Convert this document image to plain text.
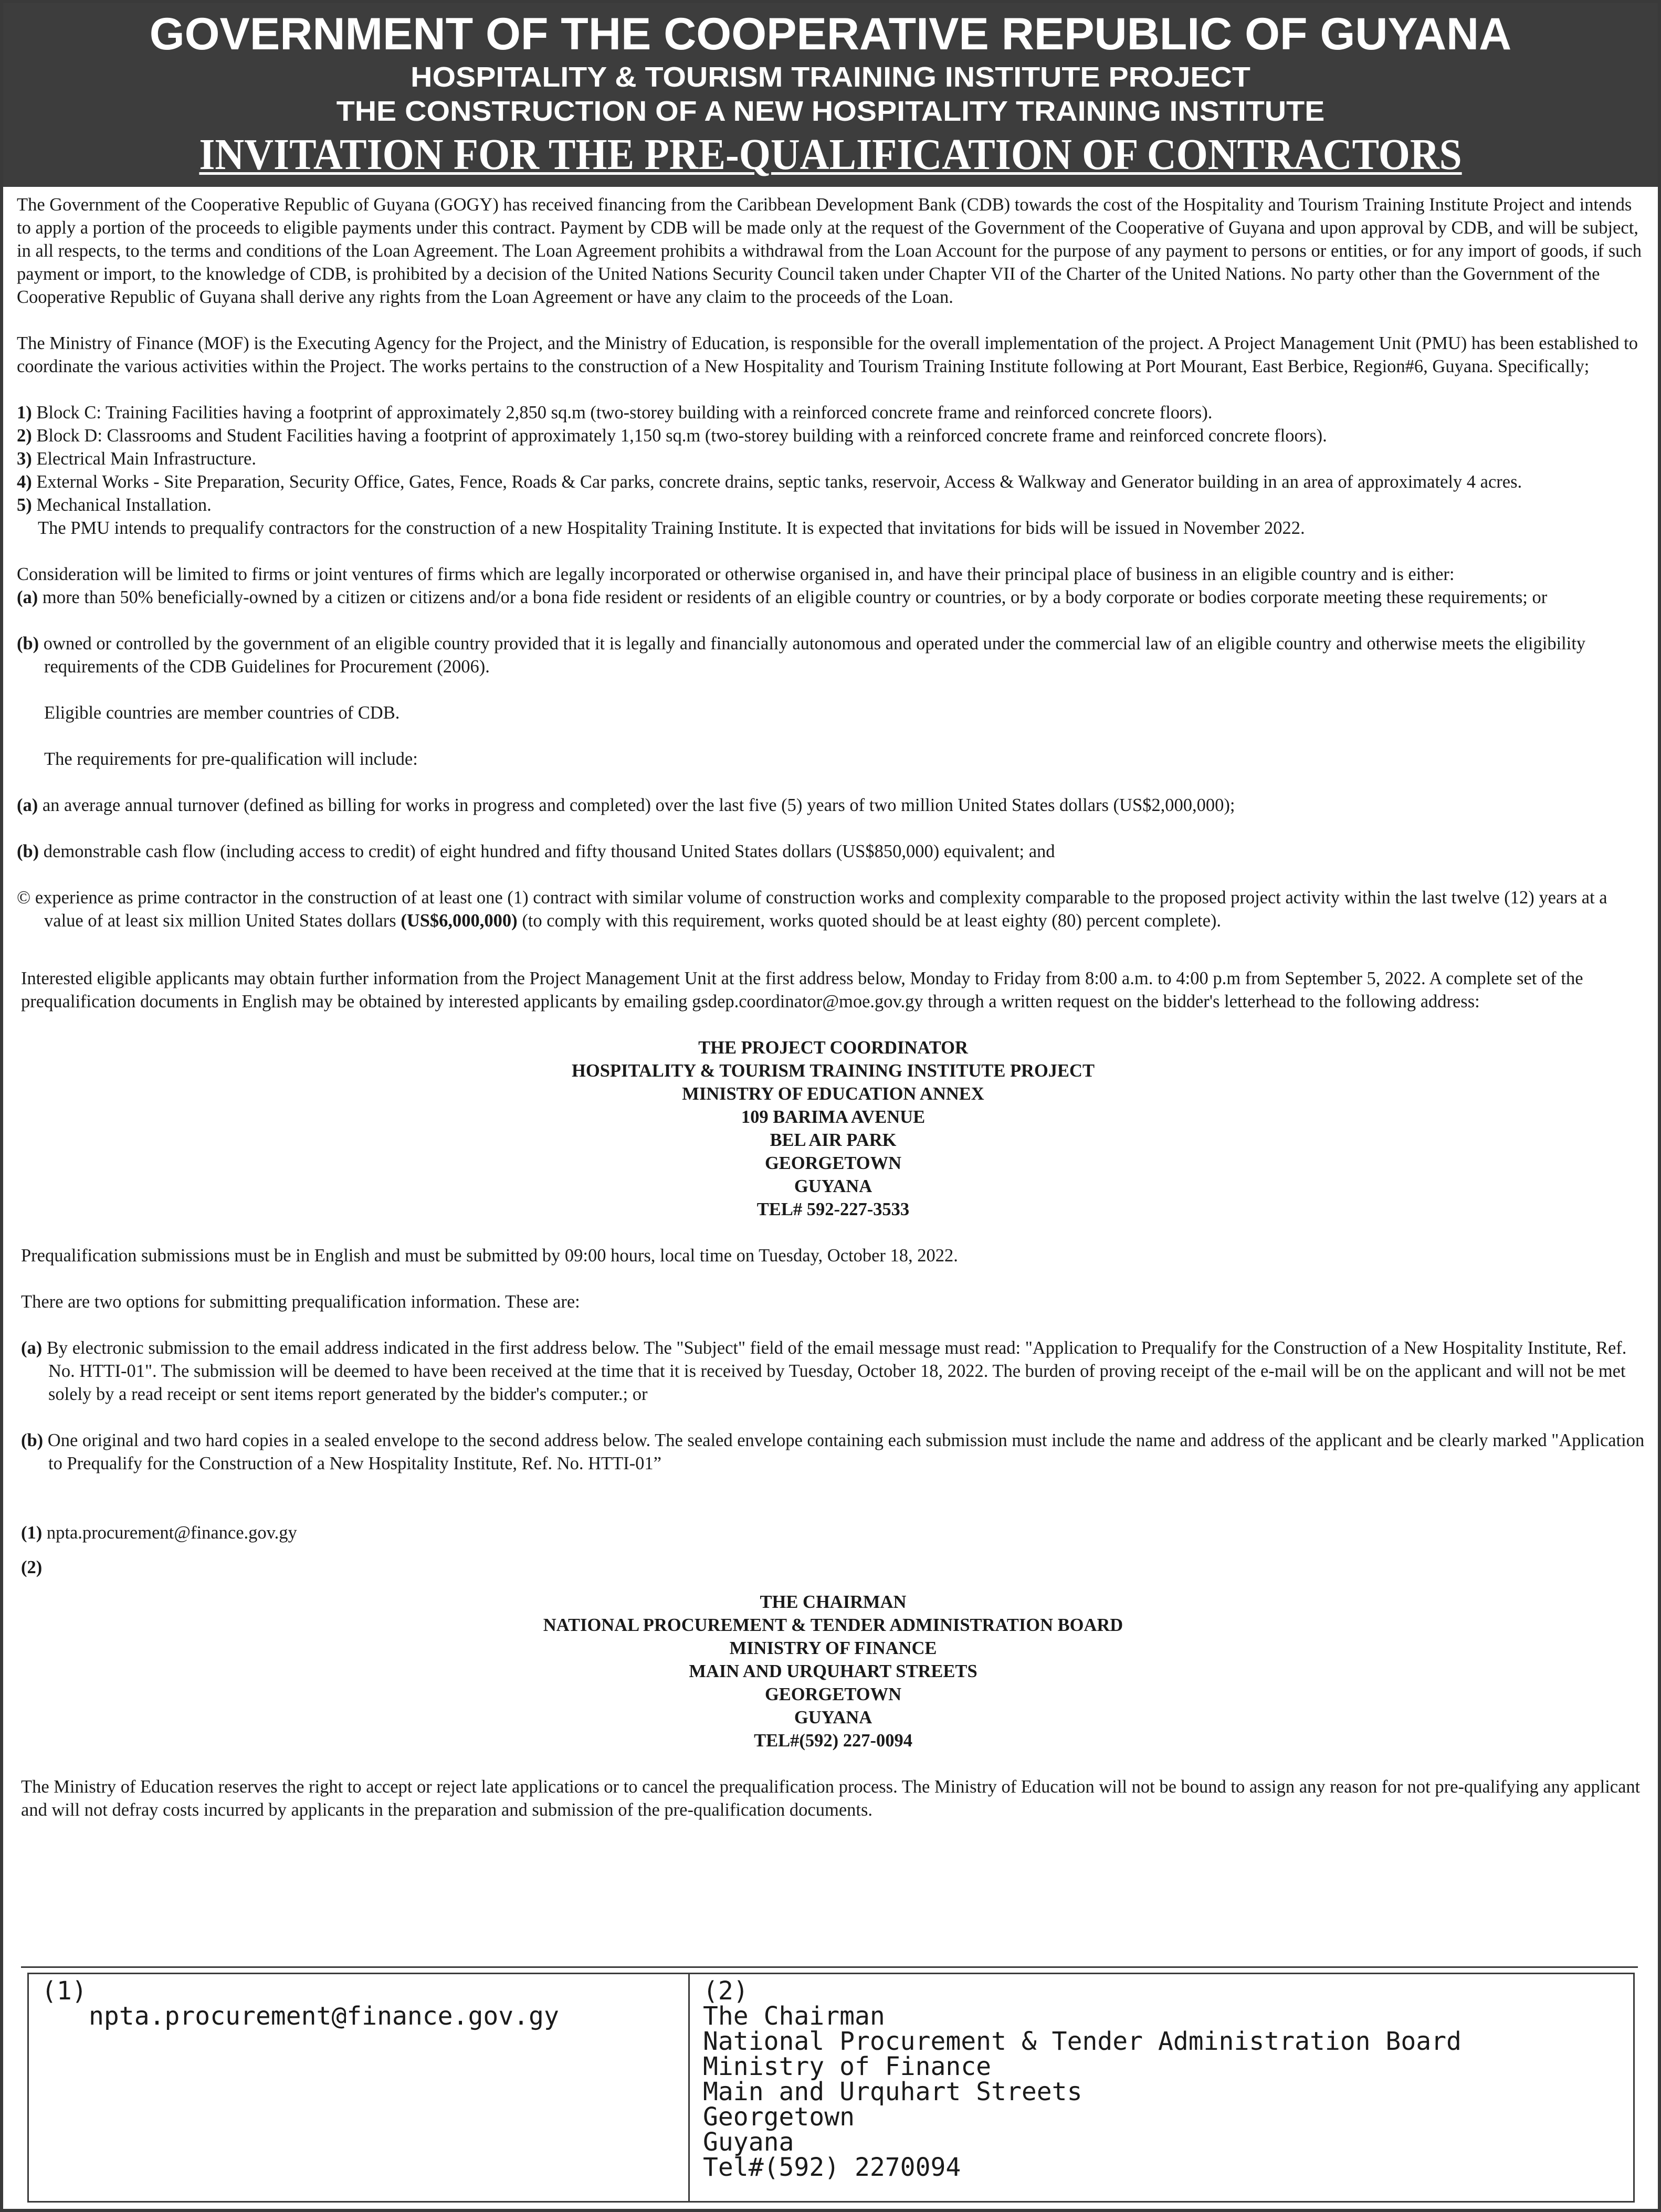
GOVERNMENT OF THE COOPERATIVE REPUBLIC OF GUYANA
HOSPITALITY & TOURISM TRAINING INSTITUTE PROJECT
THE CONSTRUCTION OF A NEW HOSPITALITY TRAINING INSTITUTE
INVITATION FOR THE PRE-QUALIFICATION OF CONTRACTORS

The Government of the Cooperative Republic of Guyana (GOGY) has received financing from the Caribbean Development Bank (CDB) towards the cost of the Hospitality and Tourism Training Institute Project and intends to apply a portion of the proceeds to eligible payments under this contract. Payment by CDB will be made only at the request of the Government of the Cooperative of Guyana and upon approval by CDB, and will be subject, in all respects, to the terms and conditions of the Loan Agreement. The Loan Agreement prohibits a withdrawal from the Loan Account for the purpose of any payment to persons or entities, or for any import of goods, if such payment or import, to the knowledge of CDB, is prohibited by a decision of the United Nations Security Council taken under Chapter VII of the Charter of the United Nations. No party other than the Government of the Cooperative Republic of Guyana shall derive any rights from the Loan Agreement or have any claim to the proceeds of the Loan.

The Ministry of Finance (MOF) is the Executing Agency for the Project, and the Ministry of Education, is responsible for the overall implementation of the project. A Project Management Unit (PMU) has been established to coordinate the various activities within the Project. The works pertains to the construction of a New Hospitality and Tourism Training Institute following at Port Mourant, East Berbice, Region#6, Guyana. Specifically;

1) Block C: Training Facilities having a footprint of approximately 2,850 sq.m (two-storey building with a reinforced concrete frame and reinforced concrete floors).

2) Block D: Classrooms and Student Facilities having a footprint of approximately 1,150 sq.m (two-storey building with a reinforced concrete frame and reinforced concrete floors).

3) Electrical Main Infrastructure.

4) External Works - Site Preparation, Security Office, Gates, Fence, Roads & Car parks, concrete drains, septic tanks, reservoir, Access & Walkway and Generator building in an area of approximately 4 acres.

5) Mechanical Installation.

The PMU intends to prequalify contractors for the construction of a new Hospitality Training Institute. It is expected that invitations for bids will be issued in November 2022.

Consideration will be limited to firms or joint ventures of firms which are legally incorporated or otherwise organised in, and have their principal place of business in an eligible country and is either:

(a) more than 50% beneficially-owned by a citizen or citizens and/or a bona fide resident or residents of an eligible country or countries, or by a body corporate or bodies corporate meeting these requirements; or

(b) owned or controlled by the government of an eligible country provided that it is legally and financially autonomous and operated under the commercial law of an eligible country and otherwise meets the eligibility requirements of the CDB Guidelines for Procurement (2006).

Eligible countries are member countries of CDB.

The requirements for pre-qualification will include:

(a) an average annual turnover (defined as billing for works in progress and completed) over the last five (5) years of two million United States dollars (US$2,000,000);

(b) demonstrable cash flow (including access to credit) of eight hundred and fifty thousand United States dollars (US$850,000) equivalent; and

© experience as prime contractor in the construction of at least one (1) contract with similar volume of construction works and complexity comparable to the proposed project activity within the last twelve (12) years at a value of at least six million United States dollars (US$6,000,000) (to comply with this requirement, works quoted should be at least eighty (80) percent complete).

Interested eligible applicants may obtain further information from the Project Management Unit at the first address below, Monday to Friday from 8:00 a.m. to 4:00 p.m from September 5, 2022. A complete set of the prequalification documents in English may be obtained by interested applicants by emailing gsdep.coordinator@moe.gov.gy through a written request on the bidder's letterhead to the following address:

THE PROJECT COORDINATOR
HOSPITALITY & TOURISM TRAINING INSTITUTE PROJECT
MINISTRY OF EDUCATION ANNEX
109 BARIMA AVENUE
BEL AIR PARK
GEORGETOWN
GUYANA
TEL# 592-227-3533

Prequalification submissions must be in English and must be submitted by 09:00 hours, local time on Tuesday, October 18, 2022.

There are two options for submitting prequalification information. These are:

(a) By electronic submission to the email address indicated in the first address below. The "Subject" field of the email message must read: "Application to Prequalify for the Construction of a New Hospitality Institute, Ref. No. HTTI-01". The submission will be deemed to have been received at the time that it is received by Tuesday, October 18, 2022. The burden of proving receipt of the e-mail will be on the applicant and will not be met solely by a read receipt or sent items report generated by the bidder's computer.; or

(b) One original and two hard copies in a sealed envelope to the second address below. The sealed envelope containing each submission must include the name and address of the applicant and be clearly marked "Application to Prequalify for the Construction of a New Hospitality Institute, Ref. No. HTTI-01”

(1) npta.procurement@finance.gov.gy

(2)

THE CHAIRMAN
NATIONAL PROCUREMENT & TENDER ADMINISTRATION BOARD
MINISTRY OF FINANCE
MAIN AND URQUHART STREETS
GEORGETOWN
GUYANA
TEL#(592) 227-0094

The Ministry of Education reserves the right to accept or reject late applications or to cancel the prequalification process. The Ministry of Education will not be bound to assign any reason for not pre-qualifying any applicant and will not defray costs incurred by applicants in the preparation and submission of the pre-qualification documents.

(1)
npta.procurement@finance.gov.gy
(2)
The Chairman
National Procurement & Tender Administration Board
Ministry of Finance
Main and Urquhart Streets
Georgetown
Guyana
Tel#(592) 2270094
